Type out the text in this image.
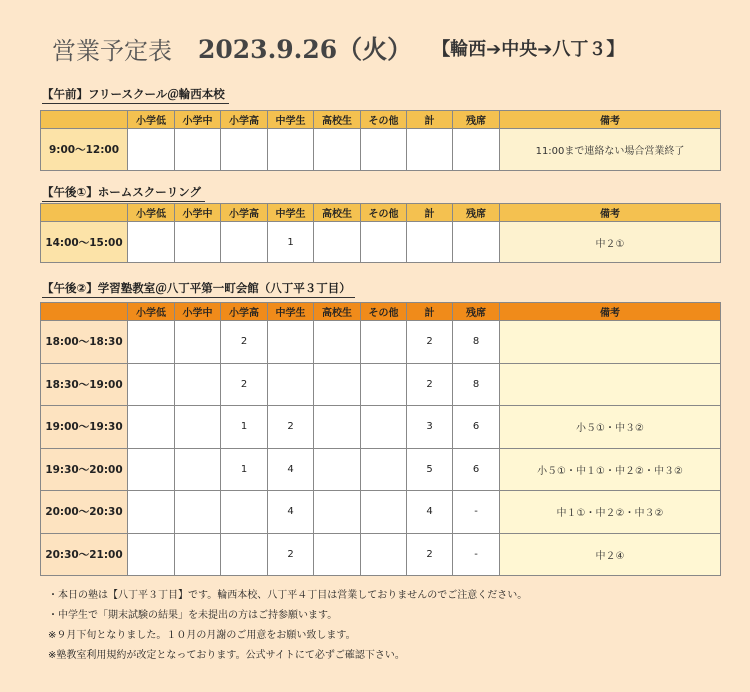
営業予定表 2023.9.26（火） 【輪西➔中央➔八丁３】
【午前】フリースクール＠輪西本校
	小学低	小学中	小学高	中学生	高校生	その他	計	残席	備考
9:00〜12:00									11:00まで連絡ない場合営業終了
【午後①】ホームスクーリング
	小学低	小学中	小学高	中学生	高校生	その他	計	残席	備考
14:00〜15:00				1					中２①
【午後②】学習塾教室＠八丁平第一町会館（八丁平３丁目）
	小学低	小学中	小学高	中学生	高校生	その他	計	残席	備考
18:00〜18:30			2				2	8	
18:30〜19:00			2				2	8	
19:00〜19:30			1	2			3	6	小５①・中３②
19:30〜20:00			1	4			5	6	小５①・中１①・中２②・中３②
20:00〜20:30				4			4	-	中１①・中２②・中３②
20:30〜21:00				2			2	-	中２④
・本日の塾は【八丁平３丁目】です。輪西本校、八丁平４丁目は営業しておりませんのでご注意ください。
・中学生で「期末試験の結果」を未提出の方はご持参願います。
※９月下旬となりました。１０月の月謝のご用意をお願い致します。
※塾教室利用規約が改定となっております。公式サイトにて必ずご確認下さい。
